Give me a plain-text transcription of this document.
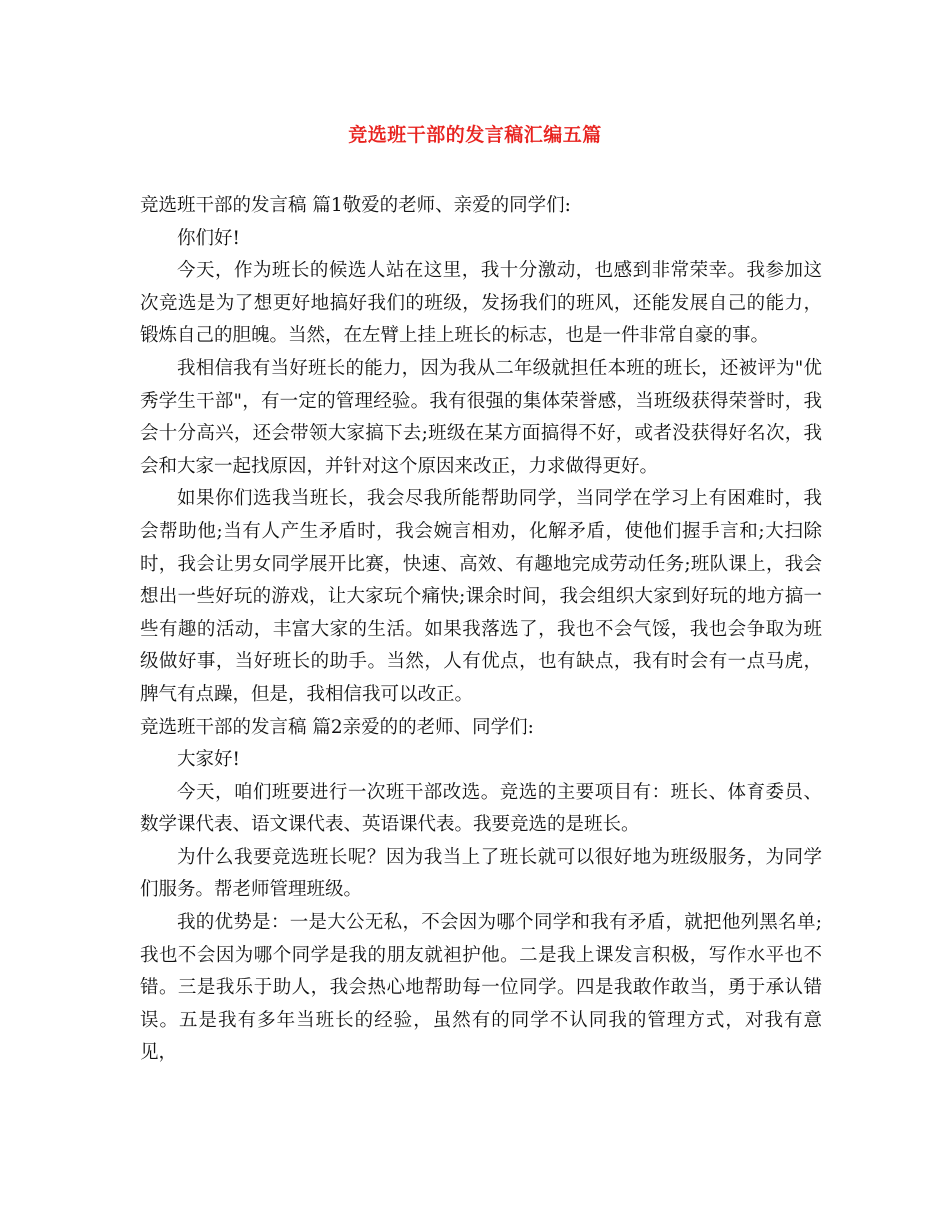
竞选班干部的发言稿汇编五篇

竞选班干部的发言稿 篇1敬爱的老师、亲爱的同学们:

你们好!

今天，作为班长的候选人站在这里，我十分激动，也感到非常荣幸。我参加这次竞选是为了想更好地搞好我们的班级，发扬我们的班风，还能发展自己的能力，锻炼自己的胆魄。当然，在左臂上挂上班长的标志，也是一件非常自豪的事。

我相信我有当好班长的能力，因为我从二年级就担任本班的班长，还被评为"优秀学生干部"，有一定的管理经验。我有很强的集体荣誉感，当班级获得荣誉时，我会十分高兴，还会带领大家搞下去;班级在某方面搞得不好，或者没获得好名次，我会和大家一起找原因，并针对这个原因来改正，力求做得更好。

如果你们选我当班长，我会尽我所能帮助同学，当同学在学习上有困难时，我会帮助他;当有人产生矛盾时，我会婉言相劝，化解矛盾，使他们握手言和;大扫除时，我会让男女同学展开比赛，快速、高效、有趣地完成劳动任务;班队课上，我会想出一些好玩的游戏，让大家玩个痛快;课余时间，我会组织大家到好玩的地方搞一些有趣的活动，丰富大家的生活。如果我落选了，我也不会气馁，我也会争取为班级做好事，当好班长的助手。当然，人有优点，也有缺点，我有时会有一点马虎，脾气有点躁，但是，我相信我可以改正。

竞选班干部的发言稿 篇2亲爱的的老师、同学们:

大家好!

今天，咱们班要进行一次班干部改选。竞选的主要项目有：班长、体育委员、数学课代表、语文课代表、英语课代表。我要竞选的是班长。

为什么我要竞选班长呢？因为我当上了班长就可以很好地为班级服务，为同学们服务。帮老师管理班级。

我的优势是：一是大公无私，不会因为哪个同学和我有矛盾，就把他列黑名单;我也不会因为哪个同学是我的朋友就袒护他。二是我上课发言积极，写作水平也不错。三是我乐于助人，我会热心地帮助每一位同学。四是我敢作敢当，勇于承认错误。五是我有多年当班长的经验，虽然有的同学不认同我的管理方式，对我有意见，
